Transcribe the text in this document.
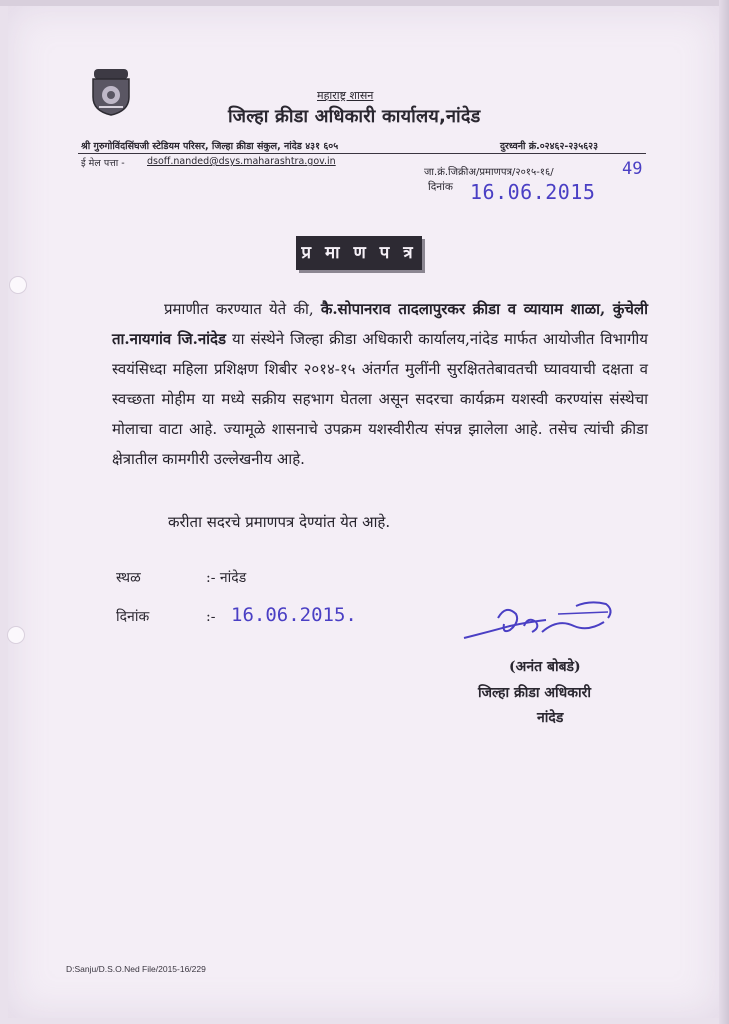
महाराष्ट्र शासन
जिल्हा क्रीडा अधिकारी कार्यालय,नांदेड
श्री गुरुगोविंदसिंघजी स्टेडियम परिसर, जिल्हा क्रीडा संकुल, नांदेड ४३१ ६०५	दुरध्वनी क्रं.०२४६२-२३५६२३
ई मेल पत्ता - dsoff.nanded@dsys.maharashtra.gov.in
जा.क्रं.जिक्रीअ/प्रमाणपत्र/२०१५-१६/	49
दिनांक 16.06.2015
प्र मा ण प त्र
प्रमाणीत करण्यात येते की, कै.सोपानराव तादलापुरकर क्रीडा व व्यायाम शाळा, कुंचेली ता.नायगांव जि.नांदेड या संस्थेने जिल्हा क्रीडा अधिकारी कार्यालय,नांदेड मार्फत आयोजीत विभागीय स्वयंसिध्दा महिला प्रशिक्षण शिबीर २०१४-१५ अंतर्गत मुलींनी सुरक्षिततेबावतची घ्यावयाची दक्षता व स्वच्छता मोहीम या मध्ये सक्रीय सहभाग घेतला असून सदरचा कार्यक्रम यशस्वी करण्यांस संस्थेचा मोलाचा वाटा आहे. ज्यामूळे शासनाचे उपक्रम यशस्वीरीत्य संपन्न झालेला आहे. तसेच त्यांची क्रीडा क्षेत्रातील कामगीरी उल्लेखनीय आहे.
करीता सदरचे प्रमाणपत्र देण्यांत येत आहे.
स्थळ	:- नांदेड
दिनांक	:- 16.06.2015.
(अनंत बोबडे)
जिल्हा क्रीडा अधिकारी
नांदेड
D:Sanju/D.S.O.Ned File/2015-16/229
